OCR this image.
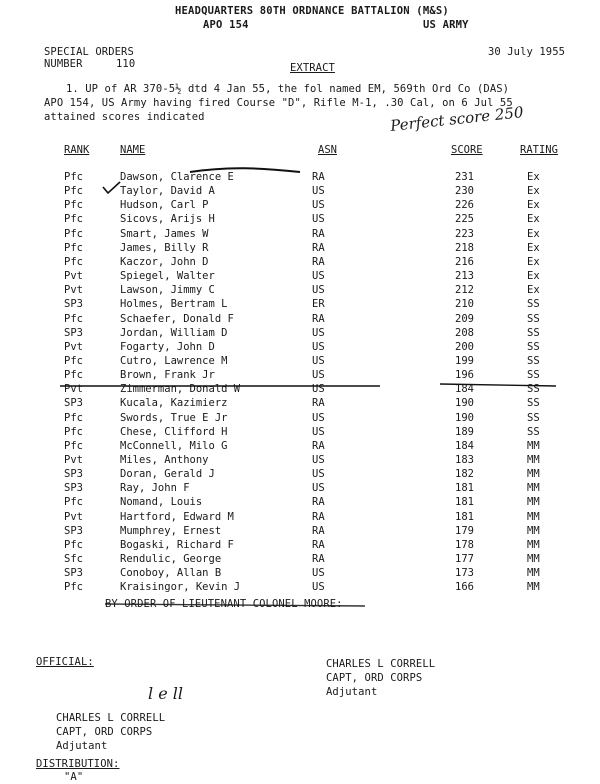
HEADQUARTERS 80TH ORDNANCE BATTALION (M&S)
APO 154	US ARMY
SPECIAL ORDERS
NUMBER	110
30 July 1955
EXTRACT
1. UP of AR 370-5½ dtd 4 Jan 55, the fol named EM, 569th Ord Co (DAS)
APO 154, US Army having fired Course "D", Rifle M-1, .30 Cal, on 6 Jul 55
attained scores indicated	Perfect score 250
RANK	NAME	ASN	SCORE	RATING
Pfc	Dawson, Clarence E	RA	231	Ex
Pfc	Taylor, David A	US	230	Ex
Pfc	Hudson, Carl P	US	226	Ex
Pfc	Sicovs, Arijs H	US	225	Ex
Pfc	Smart, James W	RA	223	Ex
Pfc	James, Billy R	RA	218	Ex
Pfc	Kaczor, John D	RA	216	Ex
Pvt	Spiegel, Walter	US	213	Ex
Pvt	Lawson, Jimmy C	US	212	Ex
SP3	Holmes, Bertram L	ER	210	SS
Pfc	Schaefer, Donald F	RA	209	SS
SP3	Jordan, William D	US	208	SS
Pvt	Fogarty, John D	US	200	SS
Pfc	Cutro, Lawrence M	US	199	SS
Pfc	Brown, Frank Jr	US	196	SS
Pvt	Zimmerman, Donald W	US	184	SS
SP3	Kucala, Kazimierz	RA	190	SS
Pfc	Swords, True E Jr	US	190	SS
Pfc	Chese, Clifford H	US	189	SS
Pfc	McConnell, Milo G	RA	184	MM
Pvt	Miles, Anthony	US	183	MM
SP3	Doran, Gerald J	US	182	MM
SP3	Ray, John F	US	181	MM
Pfc	Nomand, Louis	RA	181	MM
Pvt	Hartford, Edward M	RA	181	MM
SP3	Mumphrey, Ernest	RA	179	MM
Pfc	Bogaski, Richard F	RA	178	MM
Sfc	Rendulic, George	RA	177	MM
SP3	Conoboy, Allan B	US	173	MM
Pfc	Kraisingor, Kevin J	US	166	MM
BY ORDER OF LIEUTENANT COLONEL MOORE:
CHARLES L CORRELL
CAPT, ORD CORPS
Adjutant
OFFICIAL:
l e ll
CHARLES L CORRELL
CAPT, ORD CORPS
Adjutant
DISTRIBUTION:
"A"
